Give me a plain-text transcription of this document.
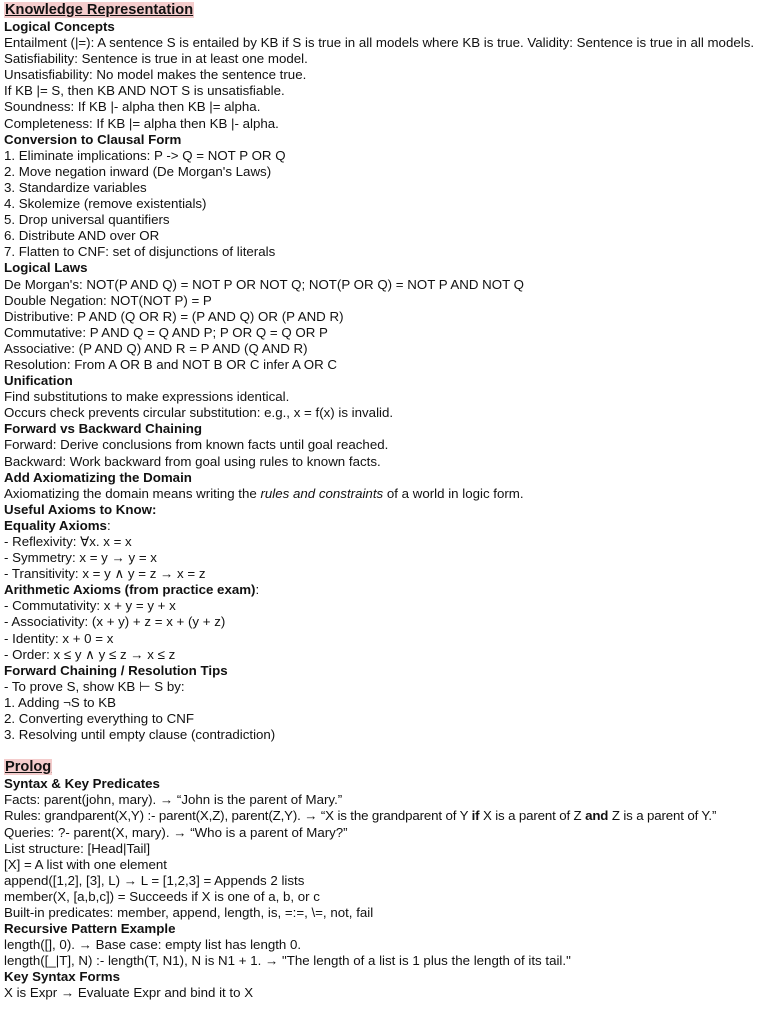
Knowledge Representation
Logical Concepts
Entailment (|=): A sentence S is entailed by KB if S is true in all models where KB is true. Validity: Sentence is true in all models.
Satisfiability: Sentence is true in at least one model.
Unsatisfiability: No model makes the sentence true.
If KB |= S, then KB AND NOT S is unsatisfiable.
Soundness: If KB |- alpha then KB |= alpha.
Completeness: If KB |= alpha then KB |- alpha.
Conversion to Clausal Form
1. Eliminate implications: P -> Q = NOT P OR Q
2. Move negation inward (De Morgan's Laws)
3. Standardize variables
4. Skolemize (remove existentials)
5. Drop universal quantifiers
6. Distribute AND over OR
7. Flatten to CNF: set of disjunctions of literals
Logical Laws
De Morgan's: NOT(P AND Q) = NOT P OR NOT Q; NOT(P OR Q) = NOT P AND NOT Q
Double Negation: NOT(NOT P) = P
Distributive: P AND (Q OR R) = (P AND Q) OR (P AND R)
Commutative: P AND Q = Q AND P; P OR Q = Q OR P
Associative: (P AND Q) AND R = P AND (Q AND R)
Resolution: From A OR B and NOT B OR C infer A OR C
Unification
Find substitutions to make expressions identical.
Occurs check prevents circular substitution: e.g., x = f(x) is invalid.
Forward vs Backward Chaining
Forward: Derive conclusions from known facts until goal reached.
Backward: Work backward from goal using rules to known facts.
Add Axiomatizing the Domain
Axiomatizing the domain means writing the rules and constraints of a world in logic form.
Useful Axioms to Know:
Equality Axioms:
- Reflexivity: ∀x. x = x
- Symmetry: x = y → y = x
- Transitivity: x = y ∧ y = z → x = z
Arithmetic Axioms (from practice exam):
- Commutativity: x + y = y + x
- Associativity: (x + y) + z = x + (y + z)
- Identity: x + 0 = x
- Order: x ≤ y ∧ y ≤ z → x ≤ z
Forward Chaining / Resolution Tips
- To prove S, show KB ⊢ S by:
1. Adding ¬S to KB
2. Converting everything to CNF
3. Resolving until empty clause (contradiction)
Prolog
Syntax & Key Predicates
Facts: parent(john, mary). → “John is the parent of Mary.”
Rules: grandparent(X,Y) :- parent(X,Z), parent(Z,Y). → “X is the grandparent of Y if X is a parent of Z and Z is a parent of Y.”
Queries: ?- parent(X, mary). → “Who is a parent of Mary?”
List structure: [Head|Tail]
[X] = A list with one element
append([1,2], [3], L) → L = [1,2,3] = Appends 2 lists
member(X, [a,b,c]) = Succeeds if X is one of a, b, or c
Built-in predicates: member, append, length, is, =:=, \=, not, fail
Recursive Pattern Example
length([], 0). → Base case: empty list has length 0.
length([_|T], N) :- length(T, N1), N is N1 + 1. → "The length of a list is 1 plus the length of its tail."
Key Syntax Forms
X is Expr → Evaluate Expr and bind it to X
